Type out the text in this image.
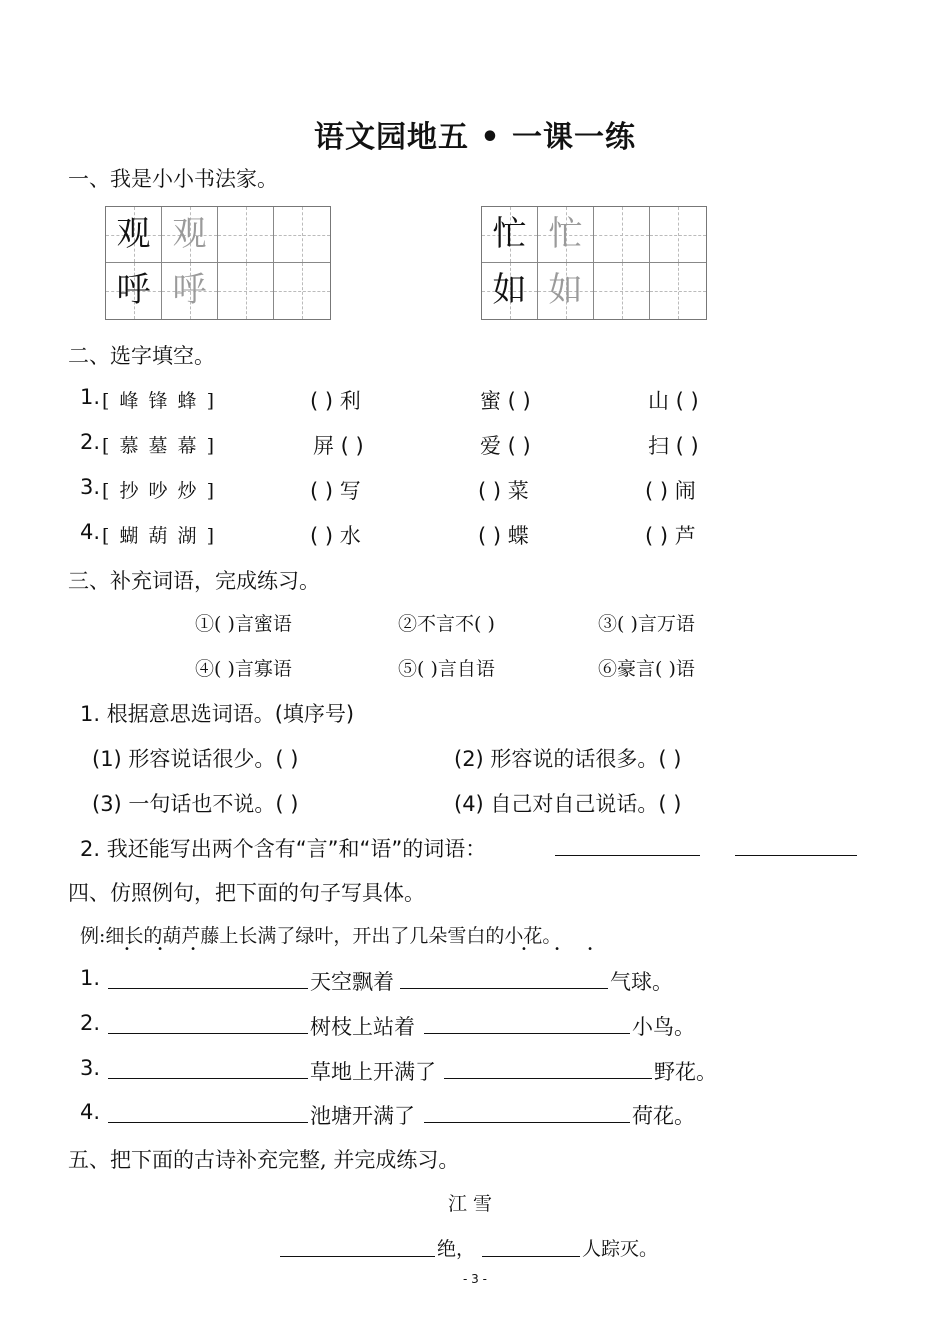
语文园地五 • 一课一练
一、我是小小书法家。
观 观
呼 呼
忙 忙
如 如
二、选字填空。
1. [ 峰 锋 蜂 ]	( ) 利	蜜 ( )	山 ( )
2. [ 慕 墓 幕 ]	屏 ( )	爱 ( )	扫 ( )
3. [ 抄 吵 炒 ]	( ) 写	( ) 菜	( ) 闹
4. [ 蝴 葫 湖 ]	( ) 水	( ) 蝶	( ) 芦
三、补充词语，完成练习。
①( )言蜜语	②不言不( )	③( )言万语
④( )言寡语	⑤( )言自语	⑥豪言( )语
1. 根据意思选词语。(填序号)
(1) 形容说话很少。( )	(2) 形容说的话很多。( )
(3) 一句话也不说。( )	(4) 自己对自己说话。( )
2. 我还能写出两个含有“言”和“语”的词语：
四、仿照例句，把下面的句子写具体。
例:细长的葫芦藤上长满了绿叶，开出了几朵雪白的小花。
• • •	• • •
1.	天空飘着	气球。
2.	树枝上站着	小鸟。
3.	草地上开满了	野花。
4.	池塘开满了	荷花。
五、把下面的古诗补充完整, 并完成练习。
江 雪
绝，	人踪灭。
- 3 -
